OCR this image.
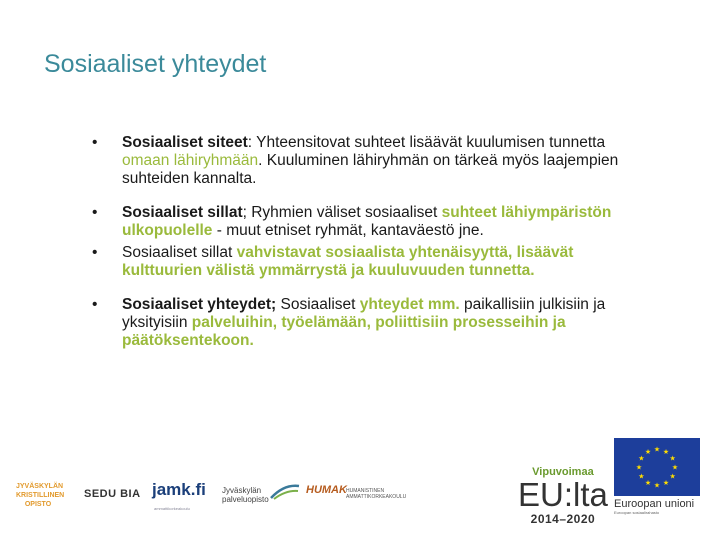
Sosiaaliset yhteydet
• Sosiaaliset siteet: Yhteensitovat suhteet lisäävät kuulumisen tunnetta omaan lähiryhmään. Kuuluminen lähiryhmän on tärkeä myös laajempien suhteiden kannalta.
• Sosiaaliset sillat; Ryhmien väliset sosiaaliset suhteet lähiympäristön ulkopuolelle - muut etniset ryhmät, kantaväestö jne.
• Sosiaaliset sillat vahvistavat sosiaalista yhtenäisyyttä, lisäävät kulttuurien välistä ymmärrystä ja kuuluvuuden tunnetta.
• Sosiaaliset yhteydet; Sosiaaliset yhteydet mm. paikallisiin julkisiin ja yksityisiin palveluihin, työelämään, poliittisiin prosesseihin ja päätöksentekoon.
JYVÄSKYLÄN KRISTILLINEN OPISTO
SEDU BIA jamk.fi
ammattikorkeakoulu
Jyväskylän
palveluopisto
HUMAK HUMANISTINEN
AMMATTIKORKEAKOULU
Vipuvoimaa
EU:lta
2014–2020
★ ★
★
★
★
★
★
★
★
★
★
★
Euroopan unioni
Euroopan sosiaalirahasto
